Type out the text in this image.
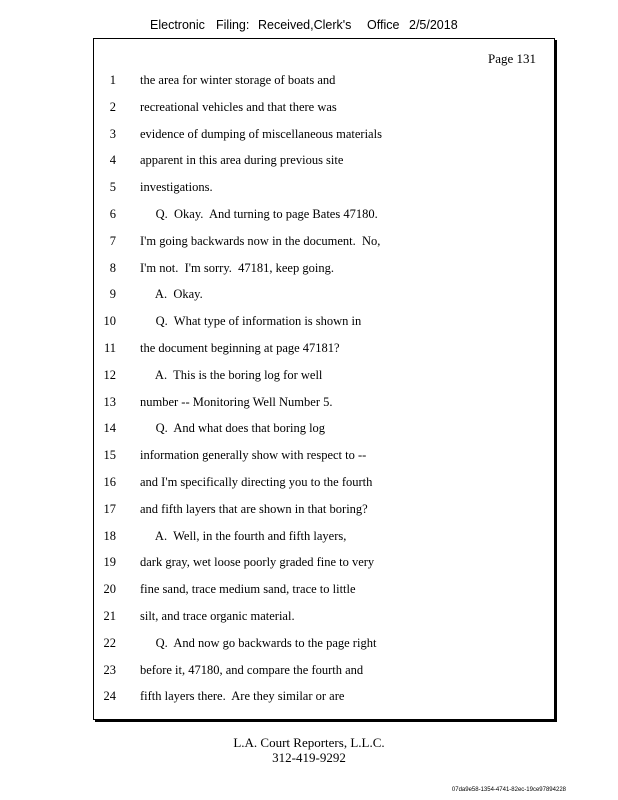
Electronic Filing: Received,Clerk's Office 2/5/2018
Page 131
1 the area for winter storage of boats and
2 recreational vehicles and that there was
3 evidence of dumping of miscellaneous materials
4 apparent in this area during previous site
5 investigations.
6 Q.  Okay.  And turning to page Bates 47180.
7 I'm going backwards now in the document.  No,
8 I'm not.  I'm sorry.  47181, keep going.
9 A.  Okay.
10 Q.  What type of information is shown in
11 the document beginning at page 47181?
12 A.  This is the boring log for well
13 number -- Monitoring Well Number 5.
14 Q.  And what does that boring log
15 information generally show with respect to --
16 and I'm specifically directing you to the fourth
17 and fifth layers that are shown in that boring?
18 A.  Well, in the fourth and fifth layers,
19 dark gray, wet loose poorly graded fine to very
20 fine sand, trace medium sand, trace to little
21 silt, and trace organic material.
22 Q.  And now go backwards to the page right
23 before it, 47180, and compare the fourth and
24 fifth layers there.  Are they similar or are
L.A. Court Reporters, L.L.C.
312-419-9292
07da9e58-1354-4741-82ec-19ce97894228
